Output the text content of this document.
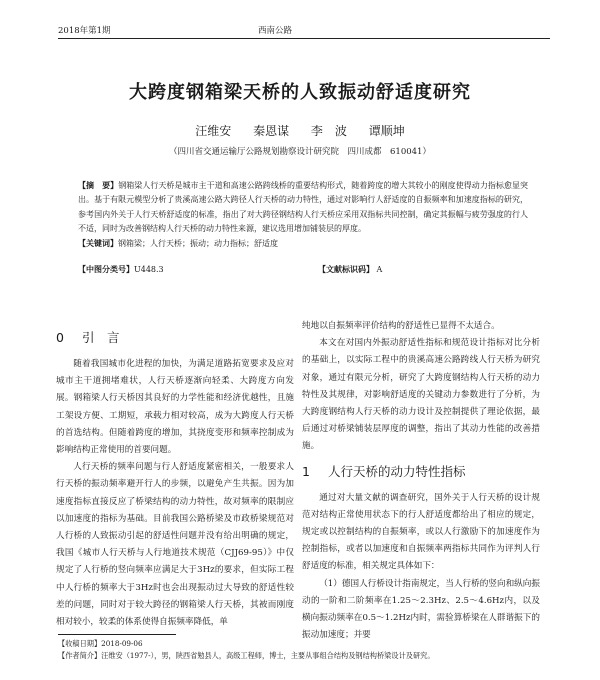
2018年第1期	西南公路
大跨度钢箱梁天桥的人致振动舒适度研究
汪维安 秦恩谋 李　波 谭顺坤
（四川省交通运输厅公路规划勘察设计研究院　四川成都　610041）
【摘　要】钢箱梁人行天桥是城市主干道和高速公路跨线桥的重要结构形式，随着跨度的增大其较小的刚度使得动力指标愈显突出。基于有限元模型分析了贵溪高速公路大跨径人行天桥的动力特性，通过对影响行人舒适度的自振频率和加速度指标的研究，参考国内外关于人行天桥舒适度的标准，指出了对大跨径钢结构人行天桥应采用双指标共同控制，确定其振幅与疲劳强度的行人不适，同时为改善钢结构人行天桥的动力特性来源，建议选用增加铺装层的厚度。
【关键词】钢箱梁；人行天桥；振动；动力指标；舒适度
【中图分类号】U448.3	【文献标识码】 A
0 引　言

随着我国城市化进程的加快，为满足道路拓宽要求及应对城市主干道拥堵难状，人行天桥逐渐向轻柔、大跨度方向发展。钢箱梁人行天桥因其良好的力学性能和经济优越性，且施工架设方便、工期短，承载力相对较高，成为大跨度人行天桥的首选结构。但随着跨度的增加，其挠度变形和频率控制成为影响结构正常使用的首要问题。

人行天桥的频率问题与行人舒适度紧密相关，一般要求人行天桥的振动频率避开行人的步频，以避免产生共振。因为加速度指标直接反应了桥梁结构的动力特性，故对频率的限制应以加速度的指标为基础。目前我国公路桥梁及市政桥梁规范对人行桥的人致振动引起的舒适性问题并没有给出明确的规定，我国《城市人行天桥与人行地道技术规范（CJJ69-95）》中仅规定了人行桥的竖向频率应满足大于3Hz的要求，但实际工程中人行桥的频率大于3Hz时也会出现振动过大导致的舒适性较差的问题，同时对于较大跨径的钢箱梁人行天桥，其被而刚度相对较小，较柔的体系使得自振频率降低，单

纯地以自振频率评价结构的舒适性已显得不太适合。

本文在对国内外振动舒适性指标和规范设计指标对比分析的基础上，以实际工程中的贵溪高速公路跨线人行天桥为研究对象，通过有限元分析，研究了大跨度钢结构人行天桥的动力特性及其规律，对影响舒适度的关键动力参数进行了分析，为大跨度钢结构人行天桥的动力设计及控制提供了理论依据，最后通过对桥梁铺装层厚度的调整，指出了其动力性能的改善措施。

1 人行天桥的动力特性指标

通过对大量文献的调查研究，国外关于人行天桥的设计规范对结构正常使用状态下的行人舒适度都给出了相应的规定，规定或以控制结构的自振频率，或以人行激励下的加速度作为控制指标，或者以加速度和自振频率两指标共同作为评判人行舒适度的标准，相关规定具体如下：

（1）德国人行桥设计指南规定，当人行桥的竖向和纵向振动的一阶和二阶频率在1.25～2.3Hz、2.5～4.6Hz内，以及横向振动频率在0.5～1.2Hz内时，需验算桥梁在人群谐振下的振动加速度；并要

【收稿日期】2018-09-06
【作者简介】汪维安（1977-），男，陕西省勉县人，高级工程师，博士，主要从事组合结构及钢结构桥梁设计及研究。
